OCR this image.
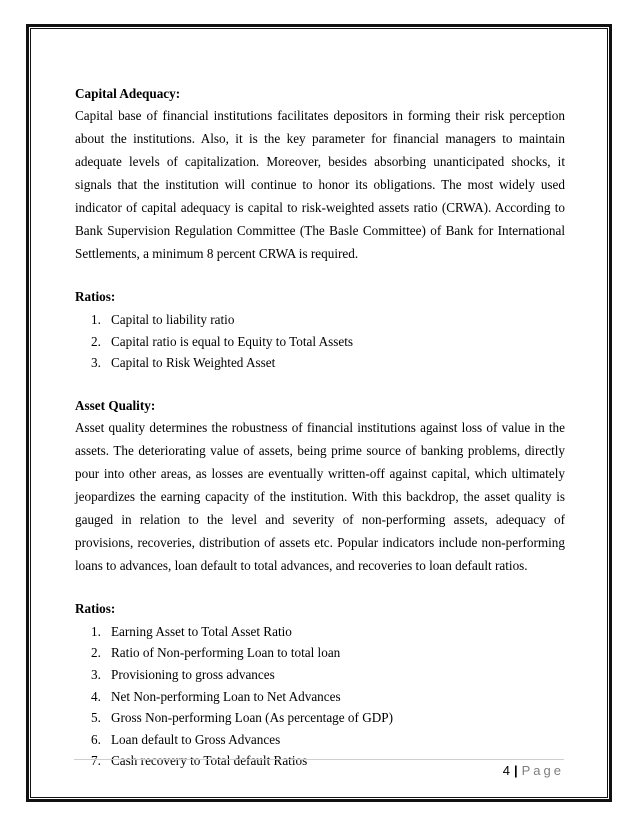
Capital Adequacy:

Capital base of financial institutions facilitates depositors in forming their risk perception about the institutions. Also, it is the key parameter for financial managers to maintain adequate levels of capitalization. Moreover, besides absorbing unanticipated shocks, it signals that the institution will continue to honor its obligations. The most widely used indicator of capital adequacy is capital to risk-weighted assets ratio (CRWA). According to Bank Supervision Regulation Committee (The Basle Committee) of Bank for International Settlements, a minimum 8 percent CRWA is required.

Ratios:

1. Capital to liability ratio
2. Capital ratio is equal to Equity to Total Assets
3. Capital to Risk Weighted Asset

Asset Quality:

Asset quality determines the robustness of financial institutions against loss of value in the assets. The deteriorating value of assets, being prime source of banking problems, directly pour into other areas, as losses are eventually written-off against capital, which ultimately jeopardizes the earning capacity of the institution. With this backdrop, the asset quality is gauged in relation to the level and severity of non-performing assets, adequacy of provisions, recoveries, distribution of assets etc. Popular indicators include non-performing loans to advances, loan default to total advances, and recoveries to loan default ratios.

Ratios:

1. Earning Asset to Total Asset Ratio
2. Ratio of Non-performing Loan to total loan
3. Provisioning to gross advances
4. Net Non-performing Loan to Net Advances
5. Gross Non-performing Loan (As percentage of GDP)
6. Loan default to Gross Advances
7. Cash recovery to Total default Ratios
4 | Page
